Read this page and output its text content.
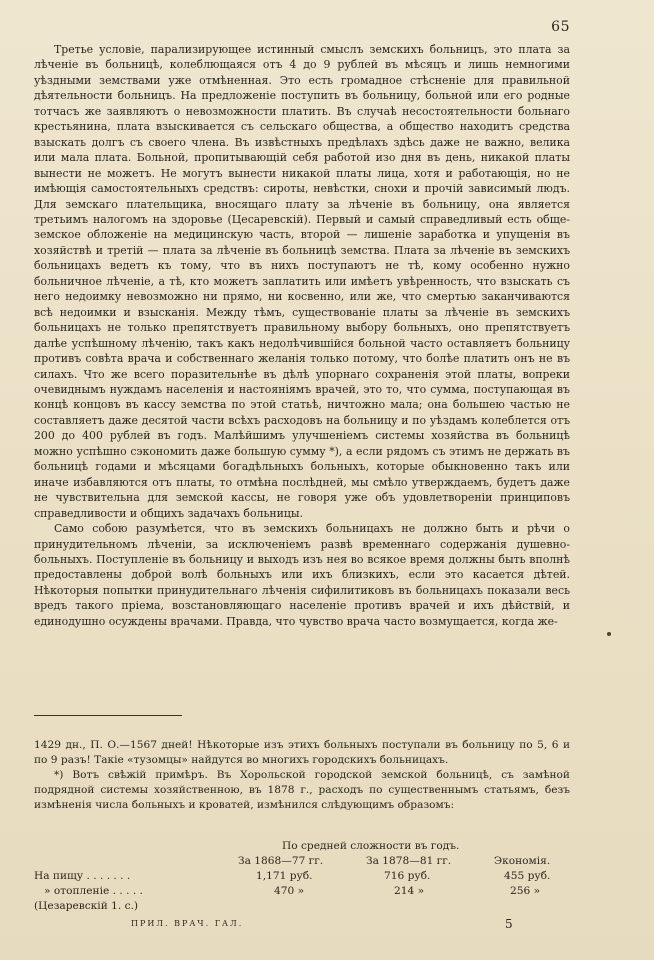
65

Третье условіе, парализирующее истинный смыслъ земскихъ больницъ, это плата за лѣченіе въ больницѣ, колеблющаяся отъ 4 до 9 рублей въ мѣсяцъ и лишь немногими уѣздными земствами уже отмѣненная. Это есть громадное стѣсненіе для правильной дѣятельности больницъ. На предложеніе поступить въ больницу, больной или его родные тотчасъ же заявляютъ о невозможности платить. Въ случаѣ несостоятельности больнаго крестьянина, плата взыскивается съ сельскаго общества, а общество находитъ средства взыскать долгъ съ своего члена. Въ извѣстныхъ предѣлахъ здѣсь даже не важно, велика или мала плата. Больной, пропитывающій себя работой изо дня въ день, никакой платы вынести не можетъ. Не могутъ вынести никакой платы лица, хотя и работающія, но не имѣющія самостоятельныхъ средствъ: сироты, невѣстки, снохи и прочій зависимый людъ. Для земскаго плательщика, вносящаго плату за лѣченіе въ больницу, она является третьимъ налогомъ на здоровье (Цесаревскій). Первый и самый справедливый есть обще-земское обложеніе на медицинскую часть, второй — лишеніе заработка и упущенія въ хозяйствѣ и третій — плата за лѣченіе въ больницѣ земства. Плата за лѣченіе въ земскихъ больницахъ ведетъ къ тому, что въ нихъ поступаютъ не тѣ, кому особенно нужно больничное лѣченіе, а тѣ, кто можетъ заплатить или имѣетъ увѣренность, что взыскать съ него недоимку невозможно ни прямо, ни косвенно, или же, что смертью заканчиваются всѣ недоимки и взысканія. Между тѣмъ, существованіе платы за лѣченіе въ земскихъ больницахъ не только препятствуетъ правильному выбору больныхъ, оно препятствуетъ далѣе успѣшному лѣченію, такъ какъ недолѣчившійся больной часто оставляетъ больницу противъ совѣта врача и собственнаго желанія только потому, что болѣе платить онъ не въ силахъ. Что же всего поразительнѣе въ дѣлѣ упорнаго сохраненія этой платы, вопреки очевиднымъ нуждамъ населенія и настояніямъ врачей, это то, что сумма, поступающая въ концѣ концовъ въ кассу земства по этой статьѣ, ничтожно мала; она большею частью не составляетъ даже десятой части всѣхъ расходовъ на больницу и по уѣздамъ колеблется отъ 200 до 400 рублей въ годъ. Малѣйшимъ улучшеніемъ системы хозяйства въ больницѣ можно успѣшно сэкономить даже большую сумму *), а если рядомъ съ этимъ не держать въ больницѣ годами и мѣсяцами богадѣльныхъ больныхъ, которые обыкновенно такъ или иначе избавляются отъ платы, то отмѣна послѣдней, мы смѣло утверждаемъ, будетъ даже не чувствительна для земской кассы, не говоря уже объ удовлетвореніи принциповъ справедливости и общихъ задачахъ больницы.

Само собою разумѣется, что въ земскихъ больницахъ не должно быть и рѣчи о принудительномъ лѣченіи, за исключеніемъ развѣ временнаго содержанія душевно-больныхъ. Поступленіе въ больницу и выходъ изъ нея во всякое время должны быть вполнѣ предоставлены доброй волѣ больныхъ или ихъ близкихъ, если это касается дѣтей. Нѣкоторыя попытки принудительнаго лѣченія сифилитиковъ въ больницахъ показали весь вредъ такого пріема, возстановляющаго населеніе противъ врачей и ихъ дѣйствій, и единодушно осуждены врачами. Правда, что чувство врача часто возмущается, когда же-

1429 дн., П. О.—1567 дней! Нѣкоторые изъ этихъ больныхъ поступали въ больницу по 5, 6 и по 9 разъ! Такіе «тузомцы» найдутся во многихъ городскихъ больницахъ.

*) Вотъ свѣжій примѣръ. Въ Хорольской городской земской больницѣ, съ замѣной подрядной системы хозяйственною, въ 1878 г., расходъ по существеннымъ статьямъ, безъ измѣненія числа больныхъ и кроватей, измѣнился слѣдующимъ образомъ:

По средней сложности въ годъ.
За 1868—77 гг.	За 1878—81 гг.	Экономія.
На пищу . . . . . . .	1,171 руб.	716 руб.	455 руб.
» отопленіе . . . . .	470 »	214 »	256 »
(Цезаревскій 1. с.)
ПРИЛ. ВРАЧ. ГАЛ.	5
